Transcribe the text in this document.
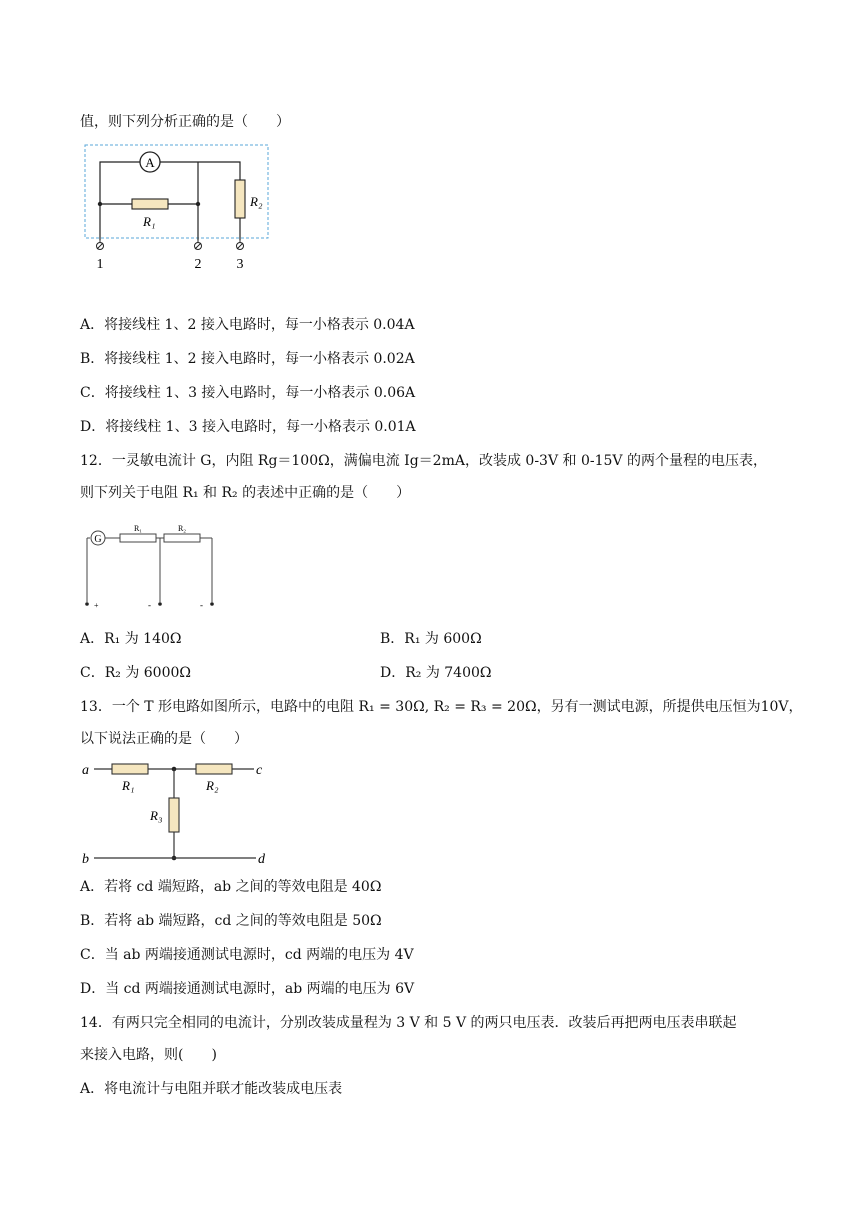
值，则下列分析正确的是（　　）
A
R₁
R₂
1	2	3
A．将接线柱 1、2 接入电路时，每一小格表示 0.04A
B．将接线柱 1、2 接入电路时，每一小格表示 0.02A
C．将接线柱 1、3 接入电路时，每一小格表示 0.06A
D．将接线柱 1、3 接入电路时，每一小格表示 0.01A
12．一灵敏电流计 G，内阻 Rg＝100Ω，满偏电流 Ig＝2mA，改装成 0-3V 和 0-15V 的两个量程的电压表，
则下列关于电阻 R₁ 和 R₂ 的表述中正确的是（　　）
G
R₁	R₂
+	-	-
A．R₁ 为 140Ω	B．R₁ 为 600Ω
C．R₂ 为 6000Ω	D．R₂ 为 7400Ω
13．一个 T 形电路如图所示，电路中的电阻 R₁ = 30Ω, R₂ = R₃ = 20Ω，另有一测试电源，所提供电压恒为10V，
以下说法正确的是（　　）
a
b
c
d
R₁	R₂
R₃
A．若将 cd 端短路，ab 之间的等效电阻是 40Ω
B．若将 ab 端短路，cd 之间的等效电阻是 50Ω
C．当 ab 两端接通测试电源时，cd 两端的电压为 4V
D．当 cd 两端接通测试电源时，ab 两端的电压为 6V
14．有两只完全相同的电流计，分别改装成量程为 3 V 和 5 V 的两只电压表．改装后再把两电压表串联起
来接入电路，则(　　)
A．将电流计与电阻并联才能改装成电压表
